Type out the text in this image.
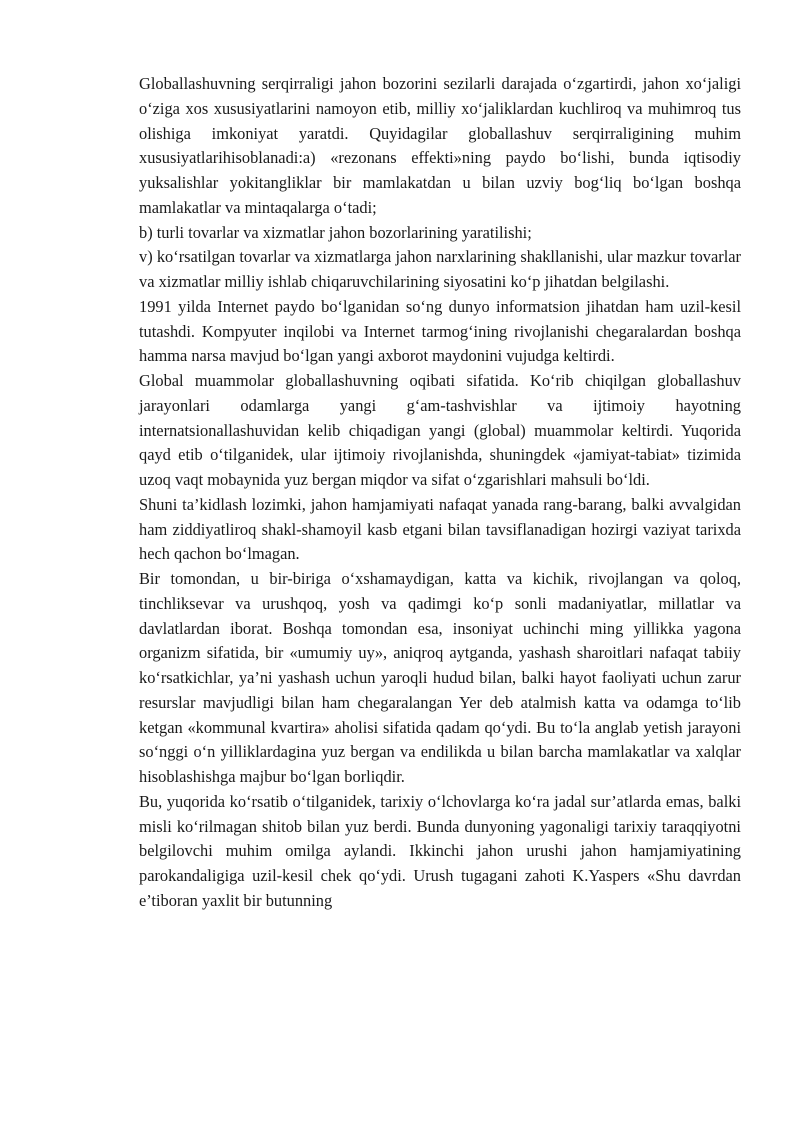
Globallashuvning serqirraligi jahon bozorini sezilarli darajada o‘zgartirdi, jahon xo‘jaligi o‘ziga xos xususiyatlarini namoyon etib, milliy xo‘jaliklardan kuchliroq va muhimroq tus olishiga imkoniyat yaratdi. Quyidagilar globallashuv serqirraligining muhim xususiyatlarihisoblanadi:a) «rezonans effekti»ning paydo bo‘lishi, bunda iqtisodiy yuksalishlar yokitangliklar bir mamlakatdan u bilan uzviy bog‘liq bo‘lgan boshqa mamlakatlar va mintaqalarga o‘tadi;

b) turli tovarlar va xizmatlar jahon bozorlarining yaratilishi;

v) ko‘rsatilgan tovarlar va xizmatlarga jahon narxlarining shakllanishi, ular mazkur tovarlar va xizmatlar milliy ishlab chiqaruvchilarining siyosatini ko‘p jihatdan belgilashi.

1991 yilda Internet paydo bo‘lganidan so‘ng dunyo informatsion jihatdan ham uzil-kesil tutashdi. Kompyuter inqilobi va Internet tarmog‘ining rivojlanishi chegaralardan boshqa hamma narsa mavjud bo‘lgan yangi axborot maydonini vujudga keltirdi.

Global muammolar globallashuvning oqibati sifatida. Ko‘rib chiqilgan globallashuv jarayonlari odamlarga yangi g‘am-tashvishlar va ijtimoiy hayotning internatsionallashuvidan kelib chiqadigan yangi (global) muammolar keltirdi. Yuqorida qayd etib o‘tilganidek, ular ijtimoiy rivojlanishda, shuningdek «jamiyat-tabiat» tizimida uzoq vaqt mobaynida yuz bergan miqdor va sifat o‘zgarishlari mahsuli bo‘ldi.

Shuni ta’kidlash lozimki, jahon hamjamiyati nafaqat yanada rang-barang, balki avvalgidan ham ziddiyatliroq shakl-shamoyil kasb etgani bilan tavsiflanadigan hozirgi vaziyat tarixda hech qachon bo‘lmagan.

Bir tomondan, u bir-biriga o‘xshamaydigan, katta va kichik, rivojlangan va qoloq, tinchliksevar va urushqoq, yosh va qadimgi ko‘p sonli madaniyatlar, millatlar va davlatlardan iborat. Boshqa tomondan esa, insoniyat uchinchi ming yillikka yagona organizm sifatida, bir «umumiy uy», aniqroq aytganda, yashash sharoitlari nafaqat tabiiy ko‘rsatkichlar, ya’ni yashash uchun yaroqli hudud bilan, balki hayot faoliyati uchun zarur resurslar mavjudligi bilan ham chegaralangan Yer deb atalmish katta va odamga to‘lib ketgan «kommunal kvartira» aholisi sifatida qadam qo‘ydi. Bu to‘la anglab yetish jarayoni so‘nggi o‘n yilliklardagina yuz bergan va endilikda u bilan barcha mamlakatlar va xalqlar hisoblashishga majbur bo‘lgan borliqdir.

Bu, yuqorida ko‘rsatib o‘tilganidek, tarixiy o‘lchovlarga ko‘ra jadal sur’atlarda emas, balki misli ko‘rilmagan shitob bilan yuz berdi. Bunda dunyoning yagonaligi tarixiy taraqqiyotni belgilovchi muhim omilga aylandi. Ikkinchi jahon urushi jahon hamjamiyatining parokandaligiga uzil-kesil chek qo‘ydi. Urush tugagani zahoti K.Yaspers «Shu davrdan e’tiboran yaxlit bir butunning
